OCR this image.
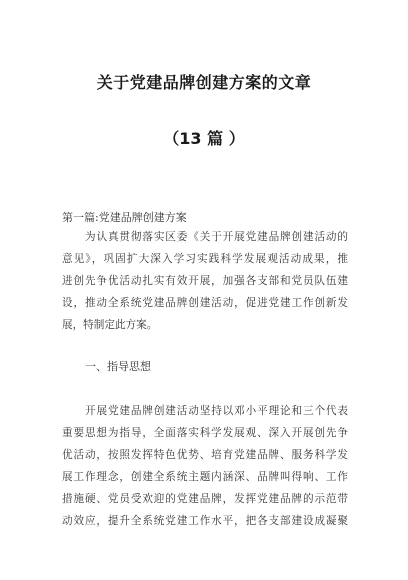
关于党建品牌创建方案的文章
（13 篇 ）
第一篇:党建品牌创建方案
为认真贯彻落实区委《关于开展党建品牌创建活动的
意见》，巩固扩大深入学习实践科学发展观活动成果，推
进创先争优活动扎实有效开展，加强各支部和党员队伍建
设，推动全系统党建品牌创建活动，促进党建工作创新发
展，特制定此方案。
一、指导思想
开展党建品牌创建活动坚持以邓小平理论和三个代表
重要思想为指导，全面落实科学发展观、深入开展创先争
优活动，按照发挥特色优势、培育党建品牌、服务科学发
展工作理念，创建全系统主题内涵深、品牌叫得响、工作
措施硬、党员受欢迎的党建品牌，发挥党建品牌的示范带
动效应，提升全系统党建工作水平，把各支部建设成凝聚
